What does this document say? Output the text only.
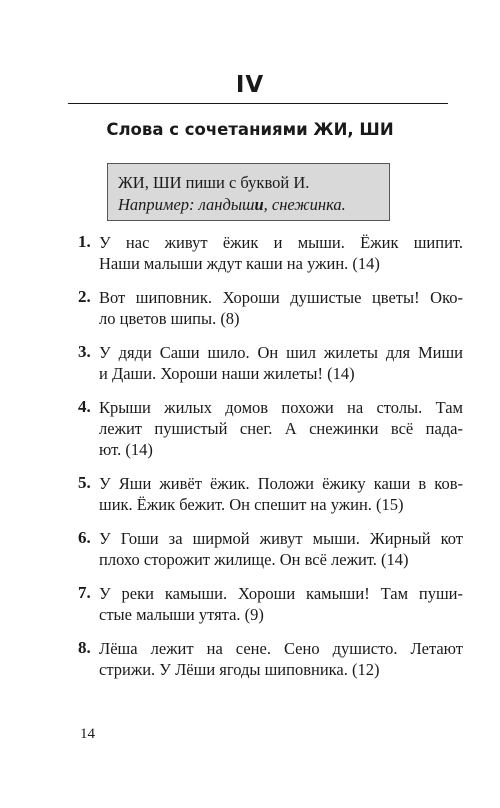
IV
Слова с сочетаниями ЖИ, ШИ
ЖИ, ШИ пиши с буквой И.
Например: ландыши, снежинка.
1. У нас живут ёжик и мыши. Ёжик шипит.
Наши малыши ждут каши на ужин. (14)
2. Вот шиповник. Хороши душистые цветы! Око-
ло цветов шипы. (8)
3. У дяди Саши шило. Он шил жилеты для Миши
и Даши. Хороши наши жилеты! (14)
4. Крыши жилых домов похожи на столы. Там
лежит пушистый снег. А снежинки всё пада-
ют. (14)
5. У Яши живёт ёжик. Положи ёжику каши в ков-
шик. Ёжик бежит. Он спешит на ужин. (15)
6. У Гоши за ширмой живут мыши. Жирный кот
плохо сторожит жилище. Он всё лежит. (14)
7. У реки камыши. Хороши камыши! Там пуши-
стые малыши утята. (9)
8. Лёша лежит на сене. Сено душисто. Летают
стрижи. У Лёши ягоды шиповника. (12)
14
